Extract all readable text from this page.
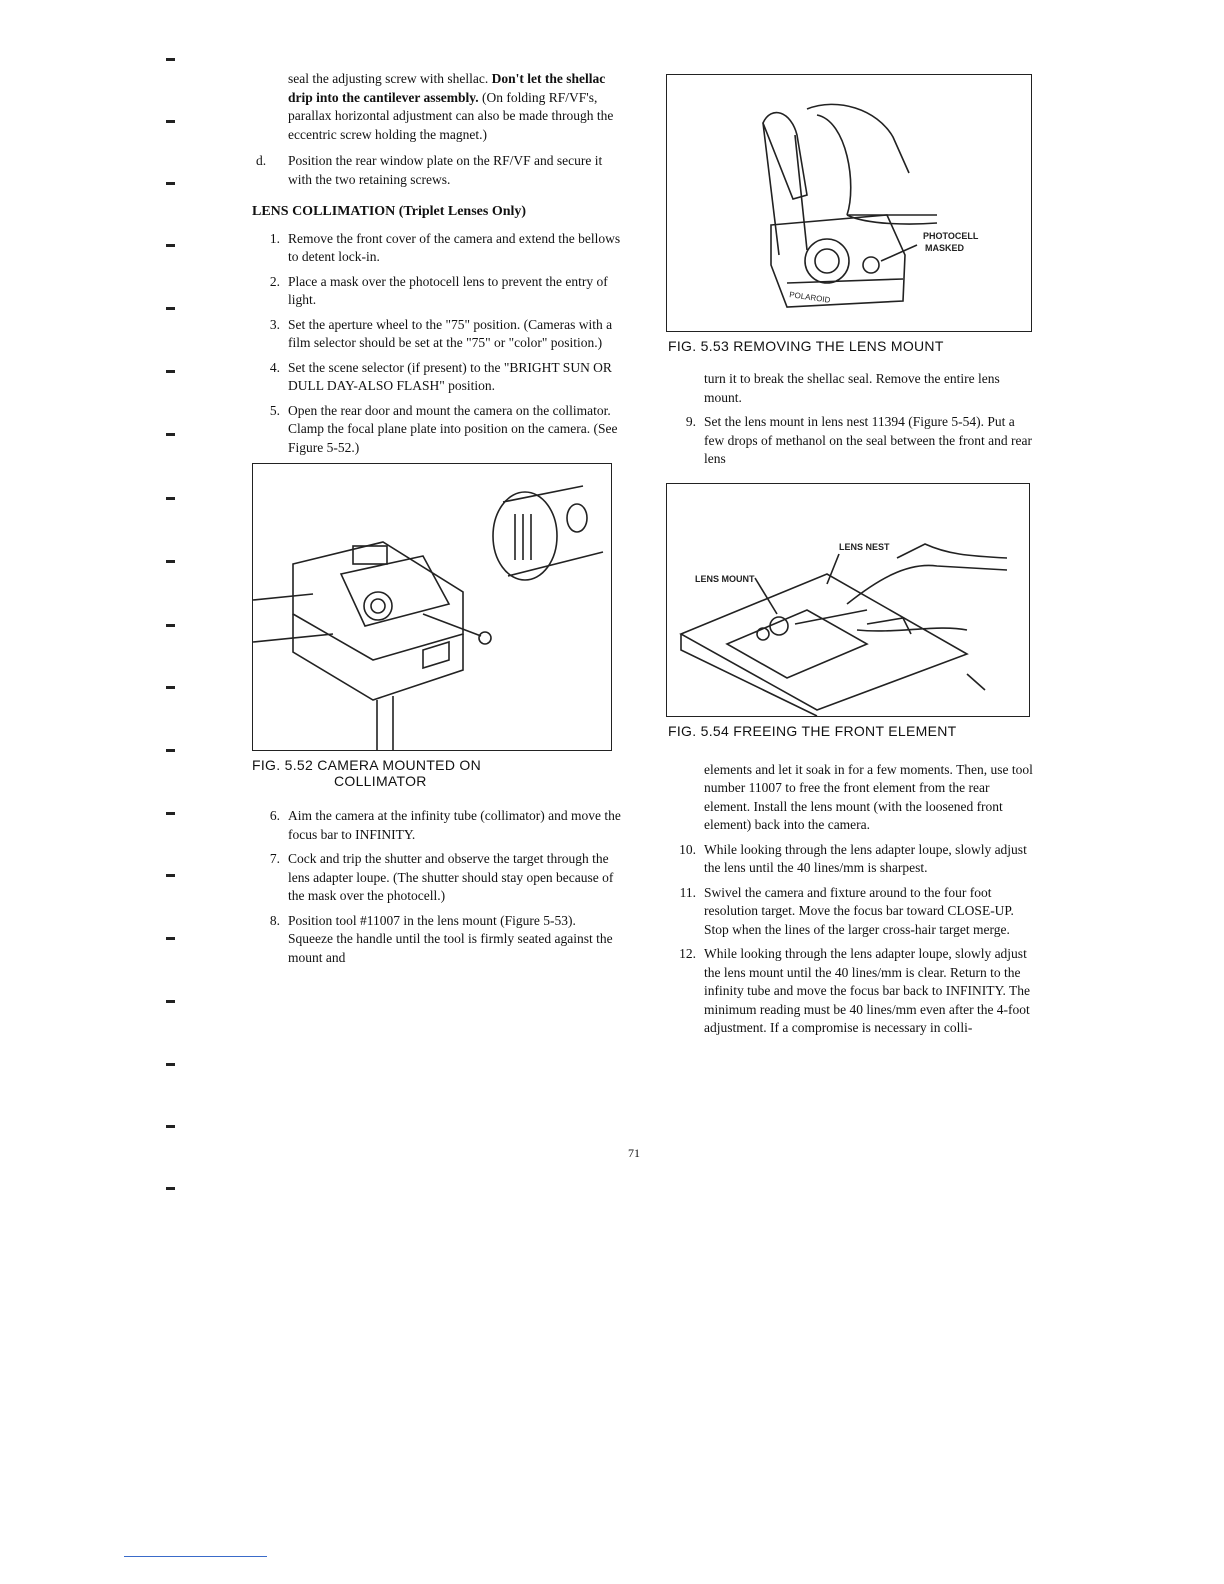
seal the adjusting screw with shellac. Don't let the shellac drip into the cantilever assembly. (On folding RF/VF's, parallax horizontal adjustment can also be made through the eccentric screw holding the magnet.)

d.	Position the rear window plate on the RF/VF and secure it with the two retaining screws.
LENS COLLIMATION (Triplet Lenses Only)
1. Remove the front cover of the camera and extend the bellows to detent lock-in.
2. Place a mask over the photocell lens to prevent the entry of light.
3. Set the aperture wheel to the "75" position. (Cameras with a film selector should be set at the "75" or "color" position.)
4. Set the scene selector (if present) to the "BRIGHT SUN OR DULL DAY-ALSO FLASH" position.
5. Open the rear door and mount the camera on the collimator. Clamp the focal plane plate into position on the camera. (See Figure 5-52.)
FIG. 5.52 CAMERA MOUNTED ON
COLLIMATOR
6. Aim the camera at the infinity tube (collimator) and move the focus bar to INFINITY.
7. Cock and trip the shutter and observe the target through the lens adapter loupe. (The shutter should stay open because of the mask over the photocell.)
8. Position tool #11007 in the lens mount (Figure 5-53). Squeeze the handle until the tool is firmly seated against the mount and
POLAROID
PHOTOCELL
MASKED
FIG. 5.53 REMOVING THE LENS MOUNT

turn it to break the shellac seal. Remove the entire lens mount.

9. Set the lens mount in lens nest 11394 (Figure 5-54). Put a few drops of methanol on the seal between the front and rear lens
LENS NEST
LENS MOUNT
FIG. 5.54 FREEING THE FRONT ELEMENT

elements and let it soak in for a few moments. Then, use tool number 11007 to free the front element from the rear element. Install the lens mount (with the loosened front element) back into the camera.

10. While looking through the lens adapter loupe, slowly adjust the lens until the 40 lines/mm is sharpest.
11. Swivel the camera and fixture around to the four foot resolution target. Move the focus bar toward CLOSE-UP. Stop when the lines of the larger cross-hair target merge.
12. While looking through the lens adapter loupe, slowly adjust the lens mount until the 40 lines/mm is clear. Return to the infinity tube and move the focus bar back to INFINITY. The minimum reading must be 40 lines/mm even after the 4-foot adjustment. If a compromise is necessary in colli-
71
